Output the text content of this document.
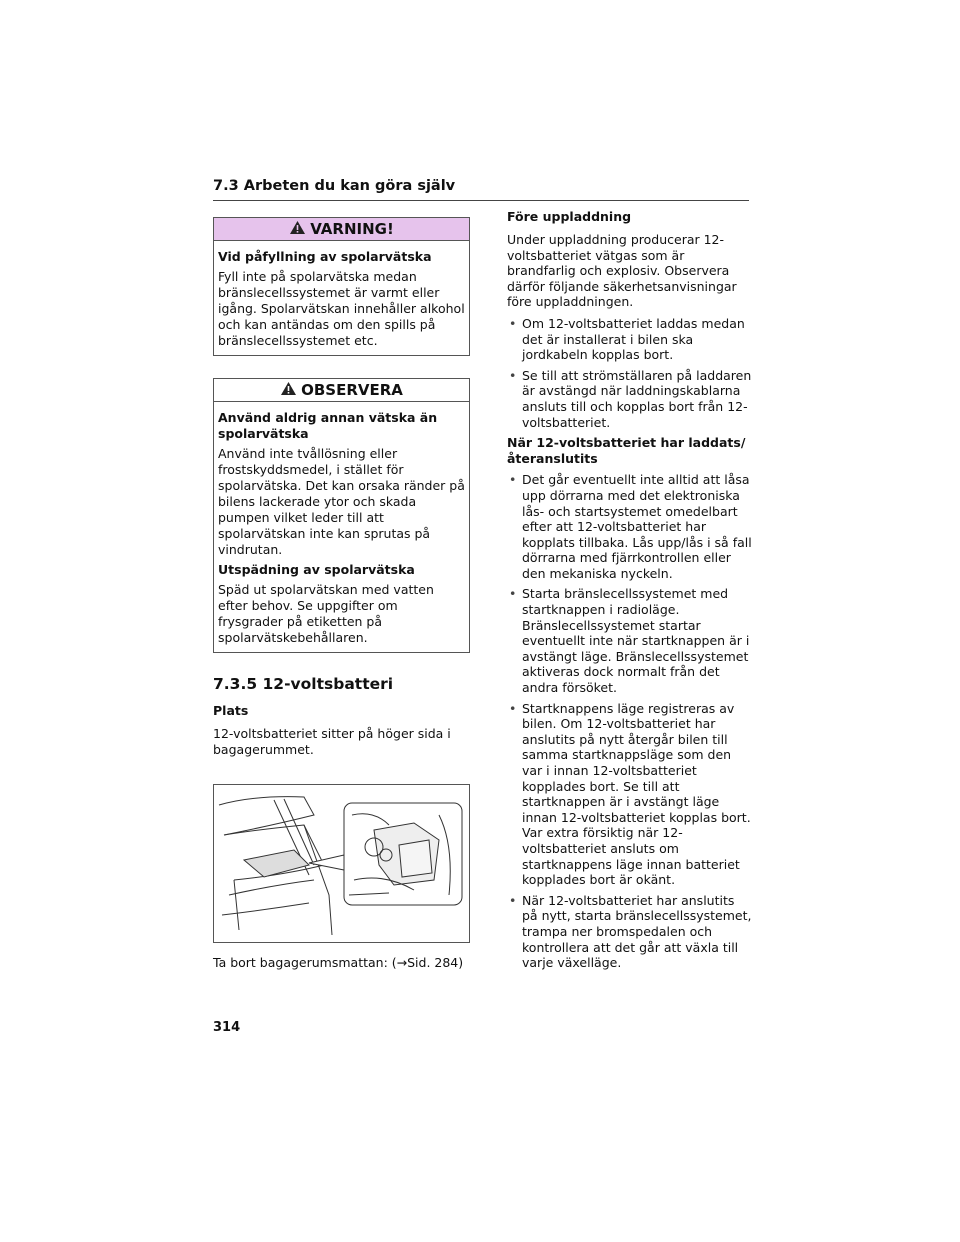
7.3 Arbeten du kan göra själv
VARNING!

Vid påfyllning av spolarvätska

Fyll inte på spolarvätska medan bränslecellssystemet är varmt eller igång. Spolarvätskan innehåller alkohol och kan antändas om den spills på bränslecellssystemet etc.

OBSERVERA

Använd aldrig annan vätska än spolarvätska

Använd inte tvållösning eller frostskyddsmedel, i stället för spolarvätska. Det kan orsaka ränder på bilens lackerade ytor och skada pumpen vilket leder till att spolarvätskan inte kan sprutas på vindrutan.

Utspädning av spolarvätska

Späd ut spolarvätskan med vatten efter behov. Se uppgifter om frysgrader på etiketten på spolarvätskebehållaren.

7.3.5 12-voltsbatteri

Plats

12-voltsbatteriet sitter på höger sida i bagagerummet.

Ta bort bagagerumsmattan: (→Sid. 284)

Före uppladdning

Under uppladdning producerar 12-voltsbatteriet vätgas som är brandfarlig och explosiv. Observera därför följande säkerhetsanvisningar före uppladdningen.

• Om 12-voltsbatteriet laddas medan det är installerat i bilen ska jordkabeln kopplas bort.
• Se till att strömställaren på laddaren är avstängd när laddningskablarna ansluts till och kopplas bort från 12-voltsbatteriet.

När 12-voltsbatteriet har laddats/återanslutits

• Det går eventuellt inte alltid att låsa upp dörrarna med det elektroniska lås- och startsystemet omedelbart efter att 12-voltsbatteriet har kopplats tillbaka. Lås upp/lås i så fall dörrarna med fjärrkontrollen eller den mekaniska nyckeln.
• Starta bränslecellssystemet med startknappen i radioläge. Bränslecellssystemet startar eventuellt inte när startknappen är i avstängt läge. Bränslecellssystemet aktiveras dock normalt från det andra försöket.
• Startknappens läge registreras av bilen. Om 12-voltsbatteriet har anslutits på nytt återgår bilen till samma startknappsläge som den var i innan 12-voltsbatteriet kopplades bort. Se till att startknappen är i avstängt läge innan 12-voltsbatteriet kopplas bort. Var extra försiktig när 12-voltsbatteriet ansluts om startknappens läge innan batteriet kopplades bort är okänt.
• När 12-voltsbatteriet har anslutits på nytt, starta bränslecellssystemet, trampa ner bromspedalen och kontrollera att det går att växla till varje växelläge.
314
